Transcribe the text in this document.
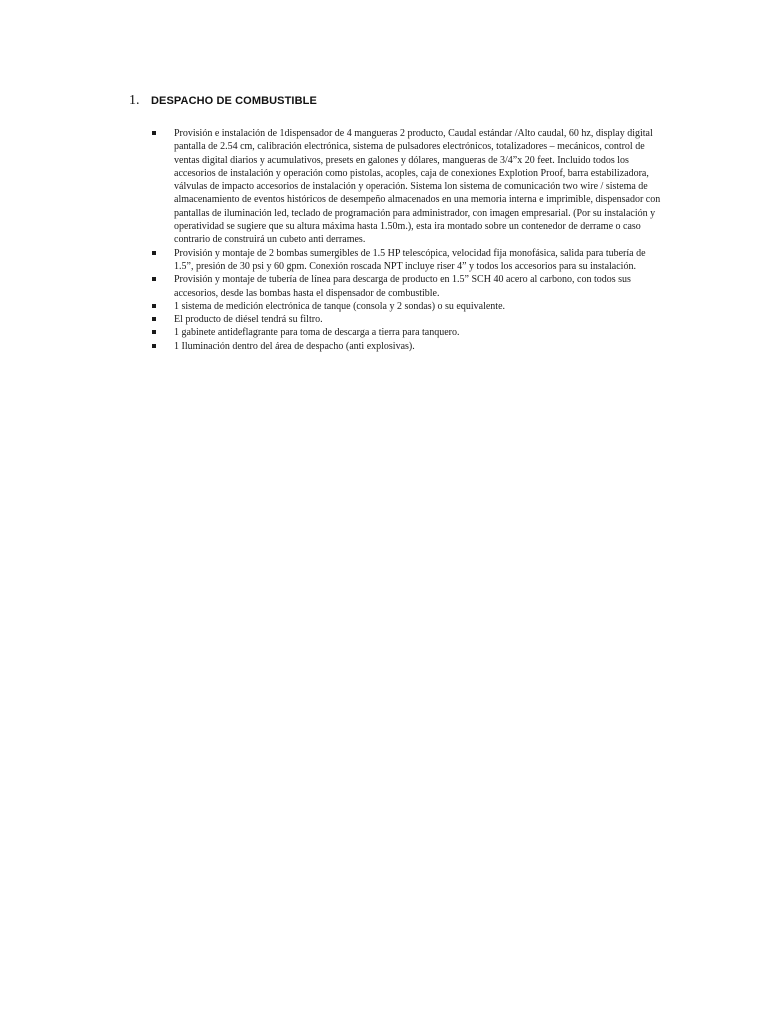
1.	DESPACHO DE COMBUSTIBLE
Provisión e instalación de 1dispensador de 4 mangueras 2 producto, Caudal estándar /Alto caudal, 60 hz, display digital pantalla de 2.54 cm, calibración electrónica, sistema de pulsadores electrónicos, totalizadores – mecánicos, control de ventas digital diarios y acumulativos, presets en galones y dólares, mangueras de 3/4”x 20 feet. Incluido todos los accesorios de instalación y operación como pistolas, acoples, caja de conexiones Explotion Proof, barra estabilizadora, válvulas de impacto accesorios de instalación y operación. Sistema lon sistema de comunicación two wire / sistema de almacenamiento de eventos históricos de desempeño almacenados en una memoria interna e imprimible, dispensador con pantallas de iluminación led, teclado de programación para administrador, con imagen empresarial. (Por su instalación y operatividad se sugiere que su altura máxima hasta 1.50m.), esta ira montado sobre un contenedor de derrame o caso contrario de construirá un cubeto anti derrames.
Provisión y montaje de 2 bombas sumergibles de 1.5 HP telescópica, velocidad fija monofásica, salida para tubería de 1.5”, presión de 30 psi y 60 gpm. Conexión roscada NPT incluye riser 4” y todos los accesorios para su instalación.
Provisión y montaje de tubería de línea para descarga de producto en 1.5” SCH 40 acero al carbono, con todos sus accesorios, desde las bombas hasta el dispensador de combustible.
1 sistema de medición electrónica de tanque (consola y 2 sondas) o su equivalente.
El producto de diésel tendrá su filtro.
1 gabinete antideflagrante para toma de descarga a tierra para tanquero.
1 Iluminación dentro del área de despacho (anti explosivas).
